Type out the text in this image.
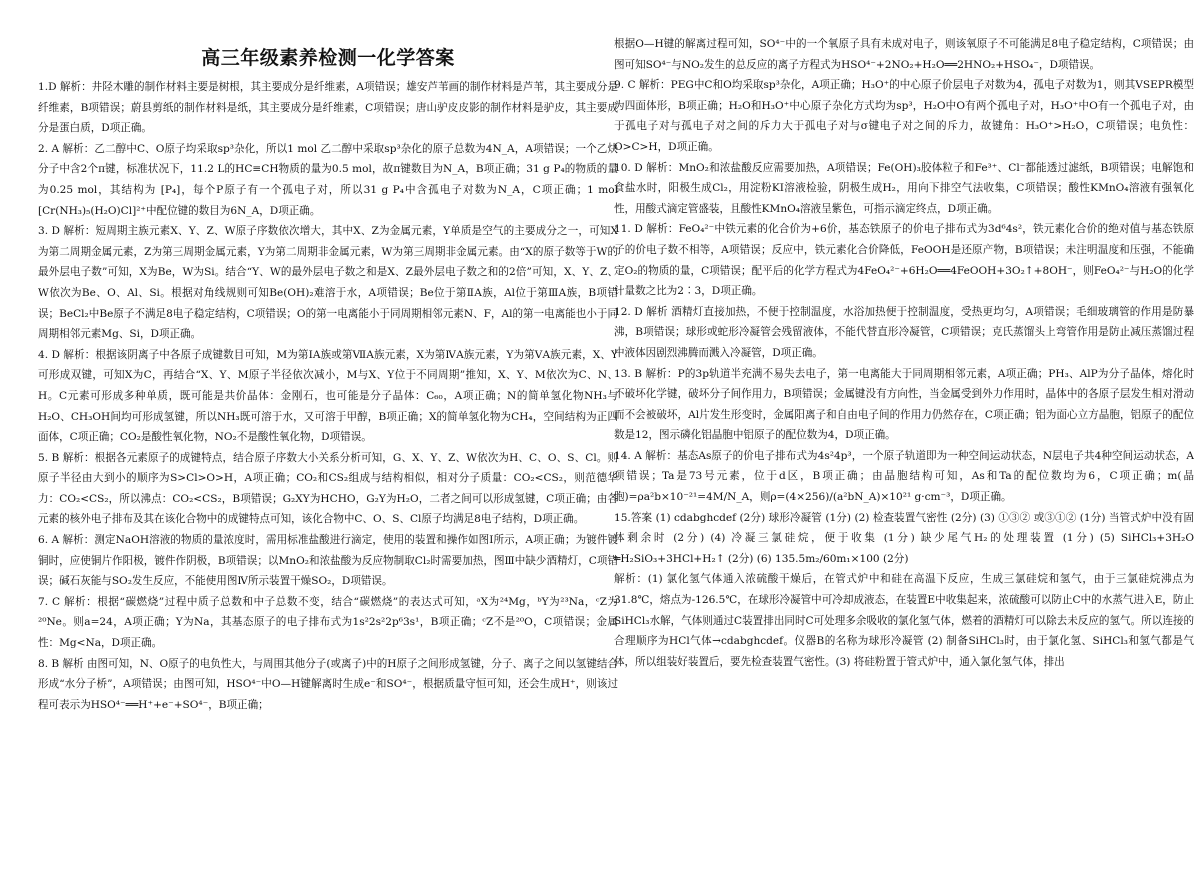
高三年级素养检测一化学答案

1.D 解析：井陉木雕的制作材料主要是树根，其主要成分是纤维素，A项错误；雄安芦苇画的制作材料是芦苇，其主要成分是纤维素，B项错误；蔚县剪纸的制作材料是纸，其主要成分是纤维素，C项错误；唐山驴皮皮影的制作材料是驴皮，其主要成分是蛋白质，D项正确。

2. A 解析：乙二醇中C、O原子均采取sp³杂化，所以1 mol 乙二醇中采取sp³杂化的原子总数为4N_A，A项错误；一个乙炔分子中含2个π键，标准状况下，11.2 L的HC≡CH物质的量为0.5 mol，故π键数目为N_A，B项正确；31 g P₄的物质的量为0.25 mol，其结构为 [P₄]，每个P原子有一个孤电子对，所以31 g P₄中含孤电子对数为N_A，C项正确；1 mol [Cr(NH₃)₅(H₂O)Cl]²⁺中配位键的数目为6N_A，D项正确。

3. D 解析：短周期主族元素X、Y、Z、W原子序数依次增大，其中X、Z为金属元素，Y单质是空气的主要成分之一，可知X为第二周期金属元素，Z为第三周期金属元素，Y为第二周期非金属元素，W为第三周期非金属元素。由“X的原子数等于W的最外层电子数”可知，X为Be，W为Si。结合“Y、W的最外层电子数之和是X、Z最外层电子数之和的2倍”可知，X、Y、Z、W依次为Be、O、Al、Si。根据对角线规则可知Be(OH)₂难溶于水，A项错误；Be位于第ⅡA族，Al位于第ⅢA族，B项错误；BeCl₂中Be原子不满足8电子稳定结构，C项错误；O的第一电离能小于同周期相邻元素N、F，Al的第一电离能也小于同周期相邻元素Mg、Si，D项正确。

4. D 解析：根据该阴离子中各原子成键数目可知，M为第ⅠA族或第ⅦA族元素，X为第ⅣA族元素，Y为第ⅤA族元素，X、Y可形成双键，可知X为C，再结合“X、Y、M原子半径依次减小，M与X、Y位于不同周期”推知，X、Y、M依次为C、N、H。C元素可形成多种单质，既可能是共价晶体：金刚石，也可能是分子晶体：C₆₀，A项正确；N的简单氢化物NH₃与H₂O、CH₃OH间均可形成氢键，所以NH₃既可溶于水，又可溶于甲醇，B项正确；X的简单氢化物为CH₄，空间结构为正四面体，C项正确；CO₂是酸性氧化物，NO₂不是酸性氧化物，D项错误。

5. B 解析：根据各元素原子的成键特点，结合原子序数大小关系分析可知，G、X、Y、Z、W依次为H、C、O、S、Cl。则原子半径由大到小的顺序为S>Cl>O>H，A项正确；CO₂和CS₂组成与结构相似，相对分子质量：CO₂<CS₂，则范德华力：CO₂<CS₂，所以沸点：CO₂<CS₂，B项错误；G₂XY为HCHO，G₂Y为H₂O，二者之间可以形成氢键，C项正确；由各元素的核外电子排布及其在该化合物中的成键特点可知，该化合物中C、O、S、Cl原子均满足8电子结构，D项正确。

6. A 解析：测定NaOH溶液的物质的量浓度时，需用标准盐酸进行滴定，使用的装置和操作如图Ⅰ所示，A项正确；为镀件镀铜时，应使铜片作阳极，镀件作阴极，B项错误；以MnO₂和浓盐酸为反应物制取Cl₂时需要加热，图Ⅲ中缺少酒精灯，C项错误；碱石灰能与SO₂发生反应，不能使用图Ⅳ所示装置干燥SO₂，D项错误。

7. C 解析：根据“碳燃烧”过程中质子总数和中子总数不变，结合“碳燃烧”的表达式可知，ᵃX为²⁴Mg，ᵇY为²³Na，ᶜZ为²⁰Ne。则a=24，A项正确；Y为Na，其基态原子的电子排布式为1s²2s²2p⁶3s¹，B项正确；ᶜZ不是²⁰O，C项错误；金属性：Mg<Na，D项正确。

8. B 解析 由图可知，N、O原子的电负性大，与周围其他分子(或离子)中的H原子之间形成氢键，分子、离子之间以氢键结合形成“水分子桥”，A项错误；由图可知，HSO⁴⁻中O—H键解离时生成e⁻和SO⁴⁻，根据质量守恒可知，还会生成H⁺，则该过程可表示为HSO⁴⁻══H⁺+e⁻+SO⁴⁻，B项正确；

根据O—H键的解离过程可知，SO⁴⁻中的一个氧原子具有未成对电子，则该氧原子不可能满足8电子稳定结构，C项错误；由图可知SO⁴⁻与NO₂发生的总反应的离子方程式为HSO⁴⁻+2NO₂+H₂O══2HNO₂+HSO₄⁻，D项错误。

9. C 解析：PEG中C和O均采取sp³杂化，A项正确；H₃O⁺的中心原子价层电子对数为4，孤电子对数为1，则其VSEPR模型为四面体形，B项正确；H₂O和H₃O⁺中心原子杂化方式均为sp³，H₂O中O有两个孤电子对，H₃O⁺中O有一个孤电子对，由于孤电子对与孤电子对之间的斥力大于孤电子对与σ键电子对之间的斥力，故键角：H₃O⁺>H₂O，C项错误；电负性：O>C>H，D项正确。

10. D 解析：MnO₂和浓盐酸反应需要加热，A项错误；Fe(OH)₃胶体粒子和Fe³⁺、Cl⁻都能透过滤纸，B项错误；电解饱和食盐水时，阳极生成Cl₂，用淀粉KI溶液检验，阴极生成H₂，用向下排空气法收集，C项错误；酸性KMnO₄溶液有强氧化性，用酸式滴定管盛装，且酸性KMnO₄溶液呈紫色，可指示滴定终点，D项正确。

11. D 解析：FeO₄²⁻中铁元素的化合价为+6价，基态铁原子的价电子排布式为3d⁶4s²，铁元素化合价的绝对值与基态铁原子的价电子数不相等，A项错误；反应中，铁元素化合价降低，FeOOH是还原产物，B项错误；未注明温度和压强，不能确定O₂的物质的量，C项错误；配平后的化学方程式为4FeO₄²⁻+6H₂O══4FeOOH+3O₂↑+8OH⁻，则FeO₄²⁻与H₂O的化学计量数之比为2∶3，D项正确。

12. D 解析 酒精灯直接加热，不便于控制温度，水浴加热便于控制温度，受热更均匀，A项错误；毛细玻璃管的作用是防暴沸，B项错误；球形或蛇形冷凝管会残留液体，不能代替直形冷凝管，C项错误；克氏蒸馏头上弯管作用是防止减压蒸馏过程中液体因剧烈沸腾而溅入冷凝管，D项正确。

13. B 解析：P的3p轨道半充满不易失去电子，第一电离能大于同周期相邻元素，A项正确；PH₃、AlP为分子晶体，熔化时不破坏化学键，破坏分子间作用力，B项错误；金属键没有方向性，当金属受到外力作用时，晶体中的各原子层发生相对滑动而不会被破坏，Al片发生形变时，金属阳离子和自由电子间的作用力仍然存在，C项正确；铝为面心立方晶胞，铝原子的配位数是12，图示磷化铝晶胞中铝原子的配位数为4，D项正确。

14. A 解析：基态As原子的价电子排布式为4s²4p³，一个原子轨道即为一种空间运动状态，N层电子共4种空间运动状态，A项错误；Ta是73号元素，位于d区，B项正确；由晶胞结构可知，As和Ta的配位数均为6，C项正确；m(晶胞)=ρa²b×10⁻²¹=4M/N_A，则ρ=(4×256)/(a²bN_A)×10²¹ g·cm⁻³，D项正确。

15.答案 (1) cdabghcdef (2分) 球形冷凝管 (1分) (2) 检查装置气密性 (2分) (3) ①③② 或③①② (1分) 当管式炉中没有固体剩余时 (2分) (4) 冷凝三氯硅烷，便于收集 (1分) 缺少尾气H₂的处理装置 (1分) (5) SiHCl₃+3H₂O ═H₂SiO₃+3HCl+H₂↑ (2分) (6) 135.5m₂/60m₁×100 (2分)

解析：(1) 氯化氢气体通入浓硫酸干燥后，在管式炉中和硅在高温下反应，生成三氯硅烷和氢气，由于三氯硅烷沸点为31.8℃，熔点为-126.5℃，在球形冷凝管中可冷却成液态，在装置E中收集起来，浓硫酸可以防止C中的水蒸气进入E，防止SiHCl₃水解，气体则通过C装置排出同时C可处理多余吸收的氯化氢气体，燃着的酒精灯可以除去未反应的氢气。所以连接的合理顺序为HCl气体→cdabghcdef。仪器B的名称为球形冷凝管 (2) 制备SiHCl₃时，由于氯化氢、SiHCl₃和氢气都是气体，所以组装好装置后，要先检查装置气密性。(3) 将硅粉置于管式炉中，通入氯化氢气体，排出
